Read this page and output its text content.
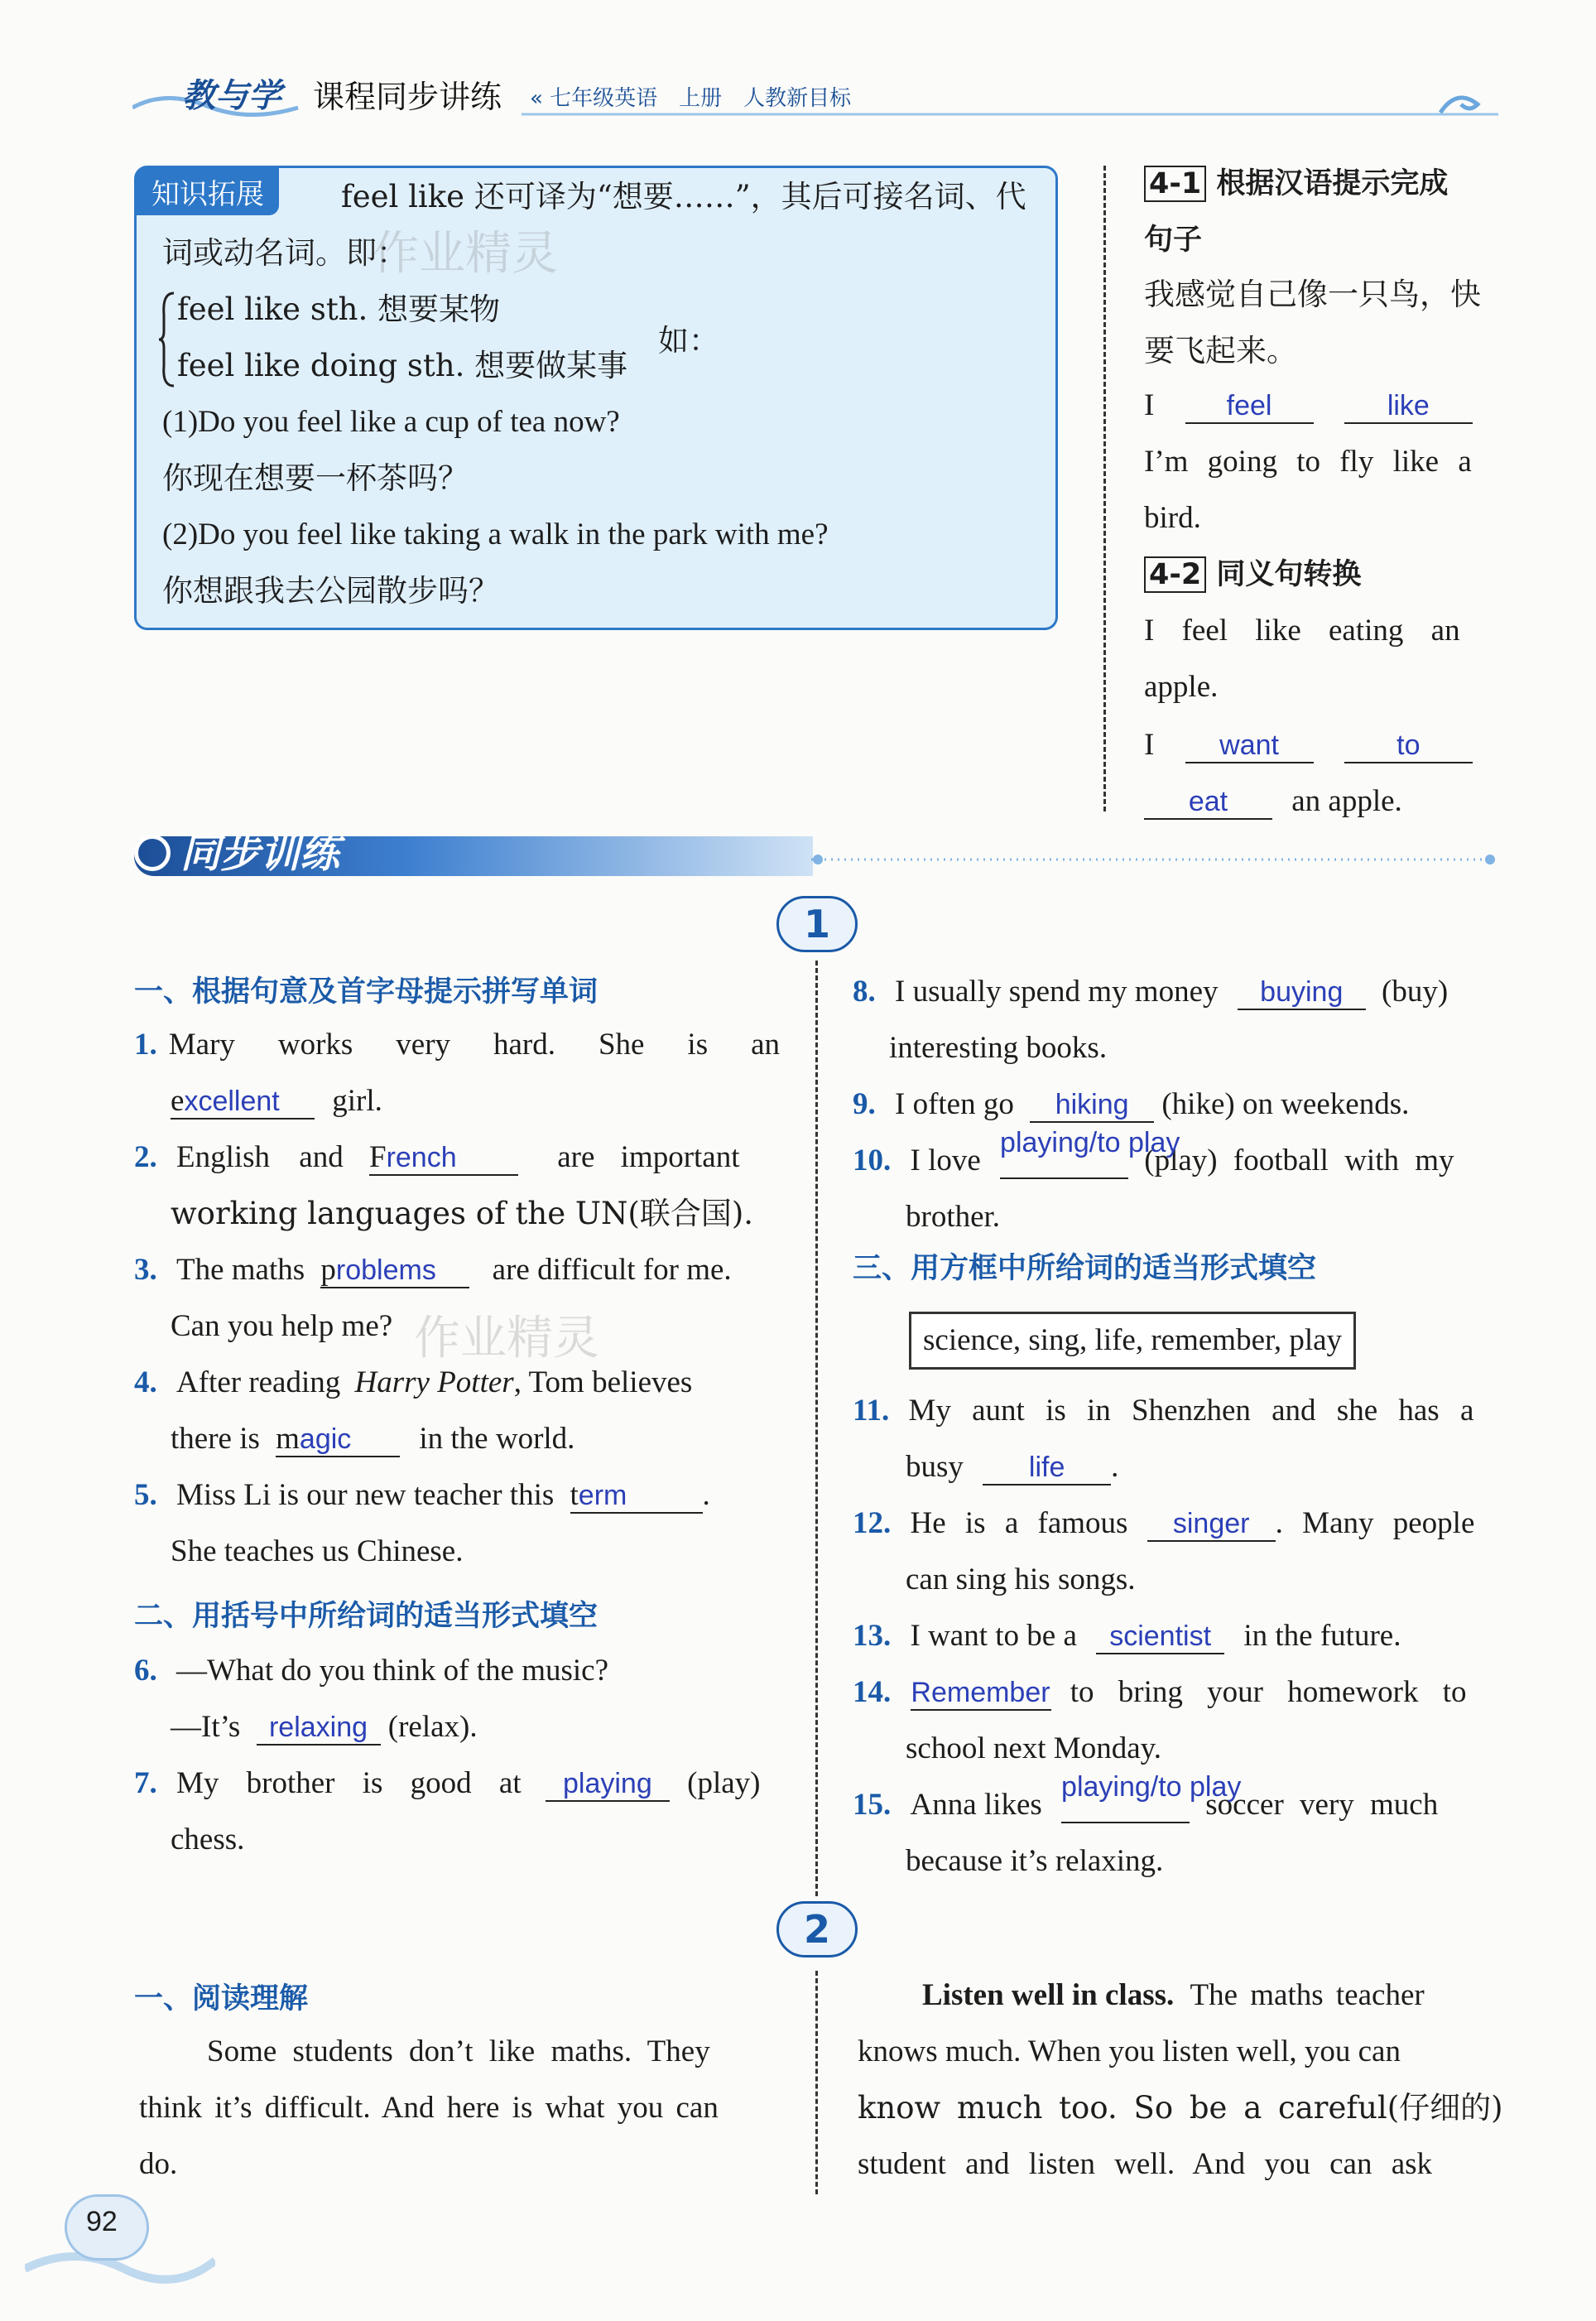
教与学 课程同步讲练 « 七年级英语　上册　人教新目标
知识拓展	feel like 还可译为“想要……”，其后可接名词、代
词或动名词。即：
feel like sth. 想要某物
feel like doing sth. 想要做某事
如：
(1)Do you feel like a cup of tea now?
你现在想要一杯茶吗？
(2)Do you feel like taking a walk in the park with me?
你想跟我去公园散步吗？
作业精灵
4-1 根据汉语提示完成
句子
我感觉自己像一只鸟，快
要飞起来。
I	feel	like
I’m going to fly like a
bird.
4-2 同义句转换
I feel like eating an
apple.
I want	to
eat an apple.
同步训练
1
一、根据句意及首字母提示拼写单词
1. Mary works very hard. She is an
excellent girl.
2. English and French	are important
working languages of the UN(联合国).
3. The maths problems are difficult for me.
Can you help me? 作业精灵
4. After reading Harry Potter, Tom believes
there is magic in the world.
5. Miss Li is our new teacher this term .
She teaches us Chinese.
二、用括号中所给词的适当形式填空
6. —What do you think of the music?
—It’s relaxing (relax).
7. My brother is good at playing (play)
chess.
8. I usually spend my money buying (buy)
interesting books.
9. I often go hiking (hike) on weekends.
10. I love
playing/to play
(play) football with my
brother.
三、用方框中所给词的适当形式填空
science, sing, life, remember, play
11. My aunt is in Shenzhen and she has a
busy life .
12. He is a famous singer . Many people
can sing his songs.
13. I want to be a scientist in the future.
14. Remember to bring your homework to
school next Monday.
15. Anna likes
playing/to play
soccer very much
because it’s relaxing.
2
一、阅读理解
Some students don’t like maths. They
think it’s difficult. And here is what you can
do.
Listen well in class. The maths teacher
knows much. When you listen well, you can
know much too. So be a careful(仔细的)
student and listen well. And you can ask
92
